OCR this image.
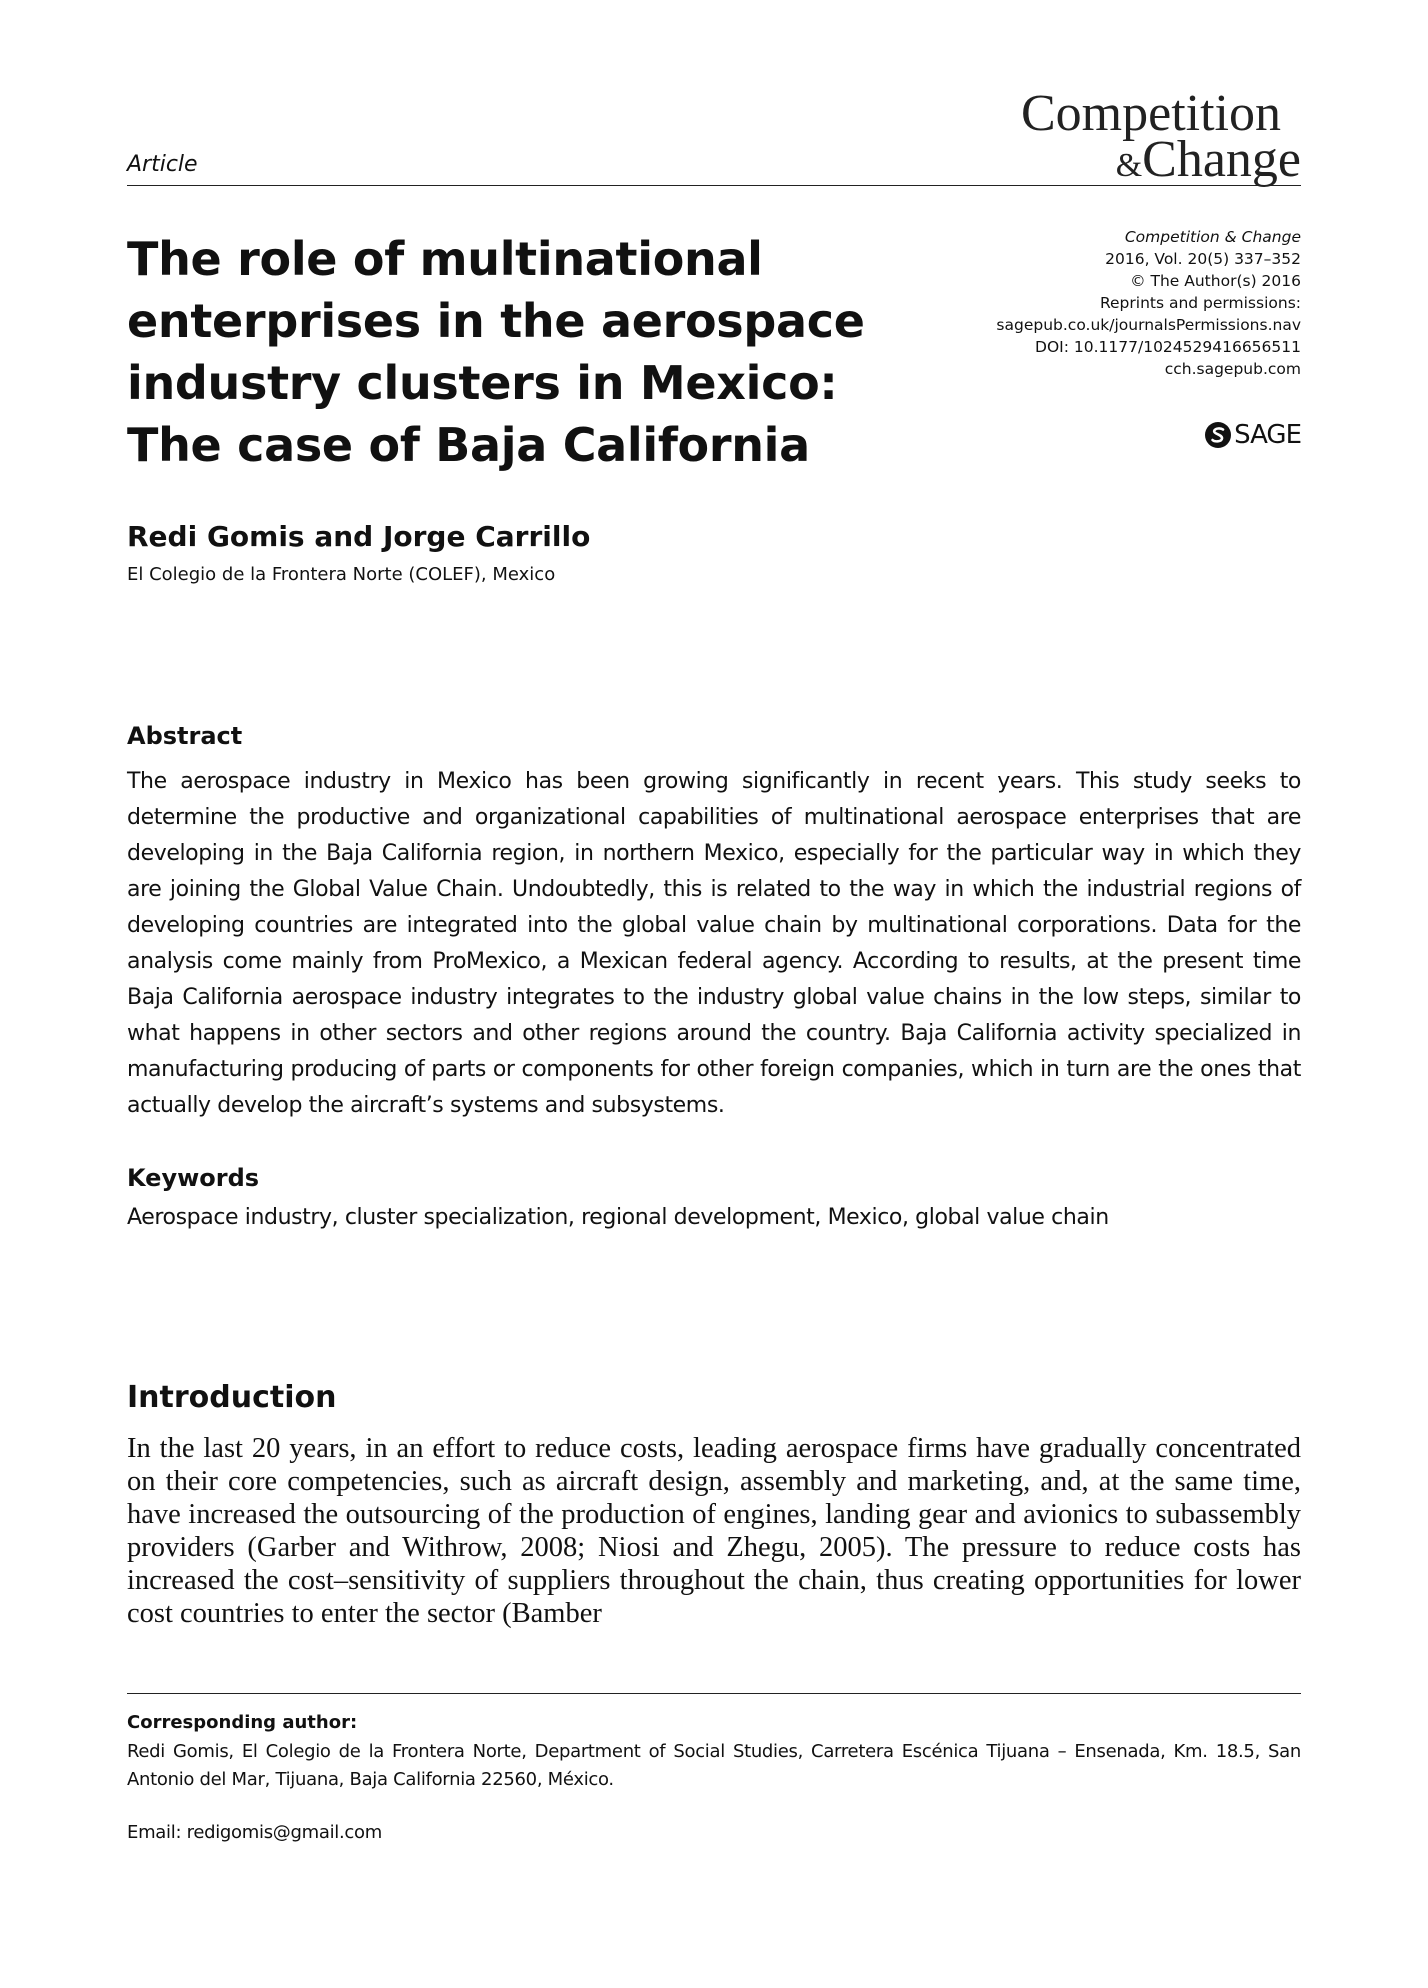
Competition
&Change
Article
The role of multinational enterprises in the aerospace industry clusters in Mexico: The case of Baja California
Competition & Change
2016, Vol. 20(5) 337–352
© The Author(s) 2016
Reprints and permissions:
sagepub.co.uk/journalsPermissions.nav
DOI: 10.1177/1024529416656511
cch.sagepub.com
SAGE
Redi Gomis and Jorge Carrillo
El Colegio de la Frontera Norte (COLEF), Mexico
Abstract

The aerospace industry in Mexico has been growing significantly in recent years. This study seeks to determine the productive and organizational capabilities of multinational aerospace enterprises that are developing in the Baja California region, in northern Mexico, especially for the particular way in which they are joining the Global Value Chain. Undoubtedly, this is related to the way in which the industrial regions of developing countries are integrated into the global value chain by multinational corporations. Data for the analysis come mainly from ProMexico, a Mexican federal agency. According to results, at the present time Baja California aerospace industry integrates to the industry global value chains in the low steps, similar to what happens in other sectors and other regions around the country. Baja California activity specialized in manufacturing producing of parts or components for other foreign companies, which in turn are the ones that actually develop the aircraft’s systems and subsystems.

Keywords
Aerospace industry, cluster specialization, regional development, Mexico, global value chain
Introduction

In the last 20 years, in an effort to reduce costs, leading aerospace firms have gradually concentrated on their core competencies, such as aircraft design, assembly and marketing, and, at the same time, have increased the outsourcing of the production of engines, landing gear and avionics to subassembly providers (Garber and Withrow, 2008; Niosi and Zhegu, 2005). The pressure to reduce costs has increased the cost–sensitivity of suppliers throughout the chain, thus creating opportunities for lower cost countries to enter the sector (Bamber

Corresponding author:

Redi Gomis, El Colegio de la Frontera Norte, Department of Social Studies, Carretera Escénica Tijuana – Ensenada, Km. 18.5, San Antonio del Mar, Tijuana, Baja California 22560, México.

Email: redigomis@gmail.com
